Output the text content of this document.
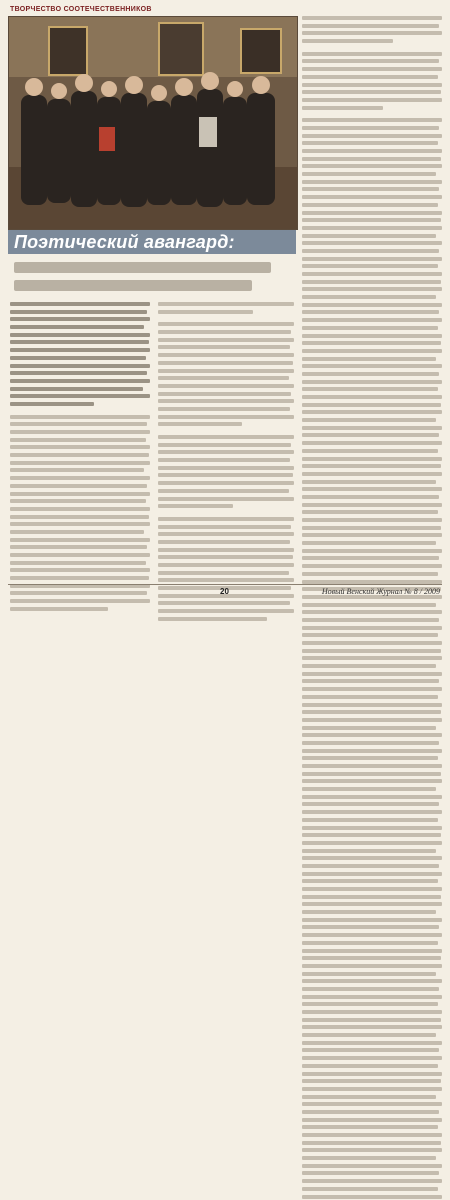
ТВОРЧЕСТВО СООТЕЧЕСТВЕННИКОВ
Поэтический авангард:
20	Новый Венский Журнал № 8 / 2009
